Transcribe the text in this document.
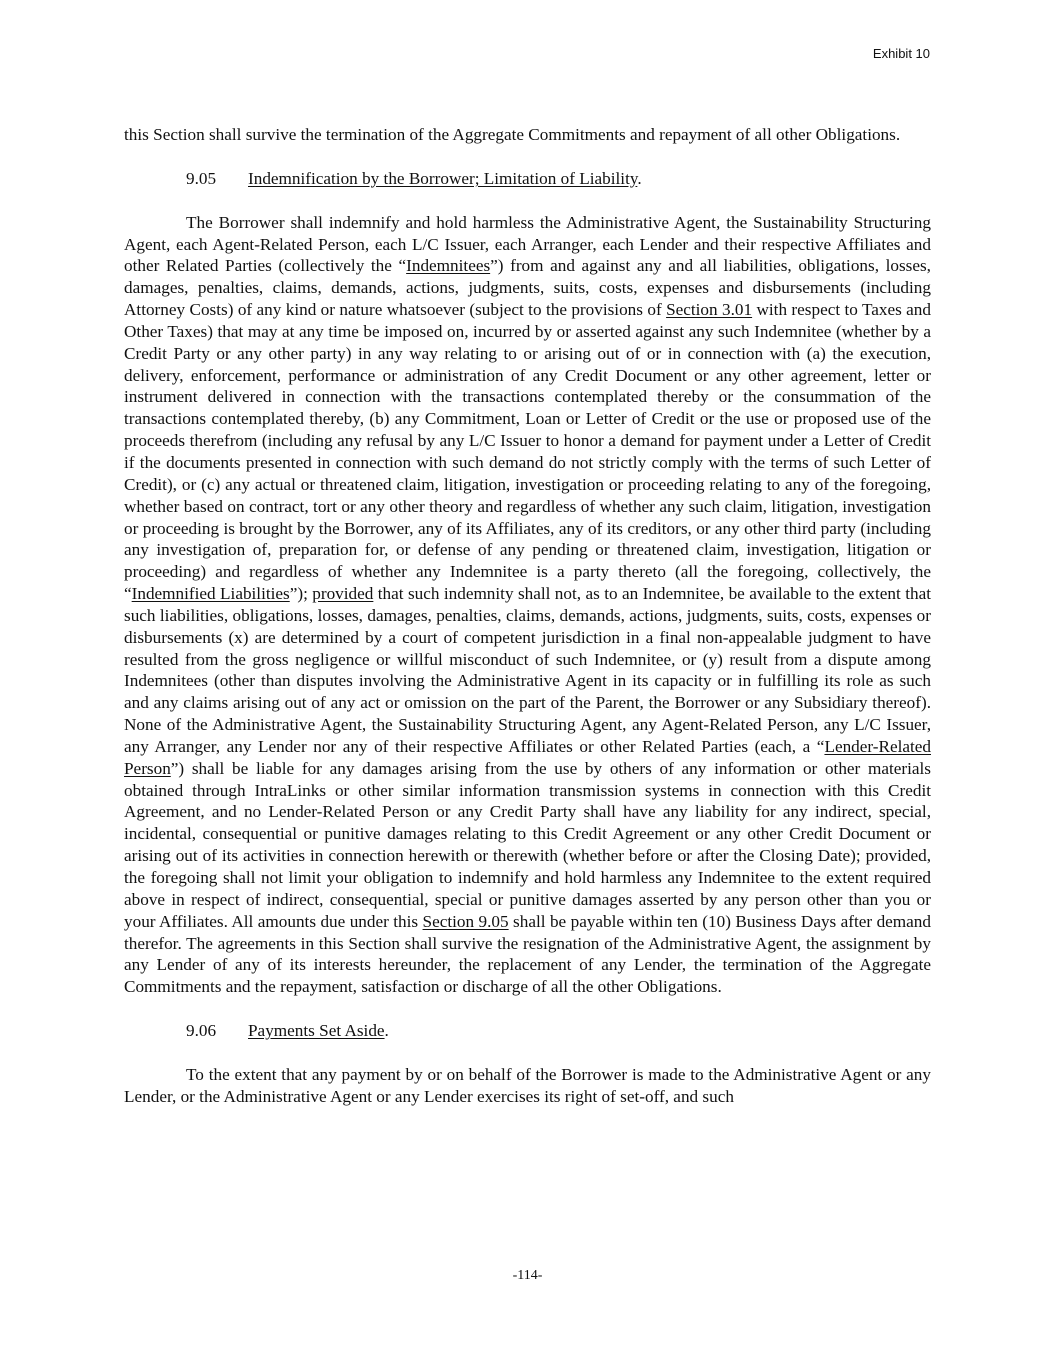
Exhibit 10

this Section shall survive the termination of the Aggregate Commitments and repayment of all other Obligations.

9.05	Indemnification by the Borrower; Limitation of Liability.

The Borrower shall indemnify and hold harmless the Administrative Agent, the Sustainability Structuring Agent, each Agent-Related Person, each L/C Issuer, each Arranger, each Lender and their respective Affiliates and other Related Parties (collectively the “Indemnitees”) from and against any and all liabilities, obligations, losses, damages, penalties, claims, demands, actions, judgments, suits, costs, expenses and disbursements (including Attorney Costs) of any kind or nature whatsoever (subject to the provisions of Section 3.01 with respect to Taxes and Other Taxes) that may at any time be imposed on, incurred by or asserted against any such Indemnitee (whether by a Credit Party or any other party) in any way relating to or arising out of or in connection with (a) the execution, delivery, enforcement, performance or administration of any Credit Document or any other agreement, letter or instrument delivered in connection with the transactions contemplated thereby or the consummation of the transactions contemplated thereby, (b) any Commitment, Loan or Letter of Credit or the use or proposed use of the proceeds therefrom (including any refusal by any L/C Issuer to honor a demand for payment under a Letter of Credit if the documents presented in connection with such demand do not strictly comply with the terms of such Letter of Credit), or (c) any actual or threatened claim, litigation, investigation or proceeding relating to any of the foregoing, whether based on contract, tort or any other theory and regardless of whether any such claim, litigation, investigation or proceeding is brought by the Borrower, any of its Affiliates, any of its creditors, or any other third party (including any investigation of, preparation for, or defense of any pending or threatened claim, investigation, litigation or proceeding) and regardless of whether any Indemnitee is a party thereto (all the foregoing, collectively, the “Indemnified Liabilities”); provided that such indemnity shall not, as to an Indemnitee, be available to the extent that such liabilities, obligations, losses, damages, penalties, claims, demands, actions, judgments, suits, costs, expenses or disbursements (x) are determined by a court of competent jurisdiction in a final non-appealable judgment to have resulted from the gross negligence or willful misconduct of such Indemnitee, or (y) result from a dispute among Indemnitees (other than disputes involving the Administrative Agent in its capacity or in fulfilling its role as such and any claims arising out of any act or omission on the part of the Parent, the Borrower or any Subsidiary thereof). None of the Administrative Agent, the Sustainability Structuring Agent, any Agent-Related Person, any L/C Issuer, any Arranger, any Lender nor any of their respective Affiliates or other Related Parties (each, a “Lender-Related Person”) shall be liable for any damages arising from the use by others of any information or other materials obtained through IntraLinks or other similar information transmission systems in connection with this Credit Agreement, and no Lender-Related Person or any Credit Party shall have any liability for any indirect, special, incidental, consequential or punitive damages relating to this Credit Agreement or any other Credit Document or arising out of its activities in connection herewith or therewith (whether before or after the Closing Date); provided, the foregoing shall not limit your obligation to indemnify and hold harmless any Indemnitee to the extent required above in respect of indirect, consequential, special or punitive damages asserted by any person other than you or your Affiliates. All amounts due under this Section 9.05 shall be payable within ten (10) Business Days after demand therefor. The agreements in this Section shall survive the resignation of the Administrative Agent, the assignment by any Lender of any of its interests hereunder, the replacement of any Lender, the termination of the Aggregate Commitments and the repayment, satisfaction or discharge of all the other Obligations.

9.06	Payments Set Aside.

To the extent that any payment by or on behalf of the Borrower is made to the Administrative Agent or any Lender, or the Administrative Agent or any Lender exercises its right of set-off, and such

-114-
